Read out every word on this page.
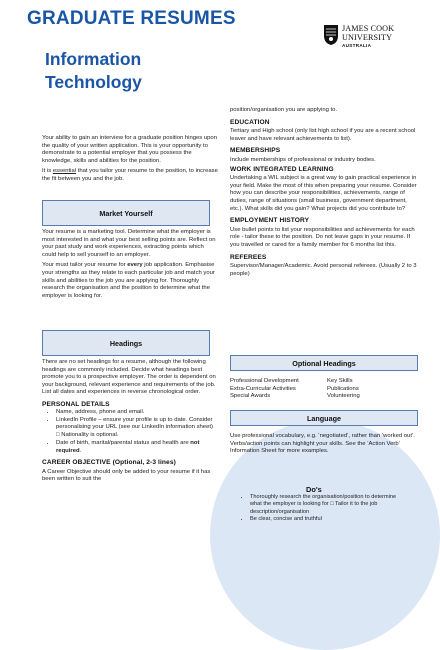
GRADUATE RESUMES
Information
Technology
JAMES COOK
UNIVERSITY
AUSTRALIA

Your ability to gain an interview for a graduate position hinges upon the quality of your written application. This is your opportunity to demonstrate to a potential employer that you possess the knowledge, skills and abilities for the position.

It is essential that you tailor your resume to the position, to increase the fit between you and the job.

Market Yourself

Your resume is a marketing tool. Determine what the employer is most interested in and what your best selling points are. Reflect on your past study and work experiences, extracting points which could help to sell yourself to an employer.

Your must tailor your resume for every job application. Emphasise your strengths as they relate to each particular job and match your skills and abilities to the job you are applying for. Thoroughly research the organisation and the position to determine what the employer is looking for.

Headings

There are no set headings for a resume, although the following headings are commonly included. Decide what headings best promote you to a prospective employer. The order is dependent on your background, relevant experience and requirements of the job. List all dates and experiences in reverse chronological order.

PERSONAL DETAILS

• Name, address, phone and email.
• LinkedIn Profile – ensure your profile is up to date. Consider personalising your URL (see our LinkedIn information sheet) □ Nationality is optional.
• Date of birth, marital/parental status and health are not required.

CAREER OBJECTIVE (Optional, 2-3 lines)

A Career Objective should only be added to your resume if it has been written to suit the

position/organisation you are applying to.

EDUCATION

Tertiary and High school (only list high school if you are a recent school leaver and have relevant achievements to list).

MEMBERSHIPS

Include memberships of professional or industry bodies.

WORK INTEGRATED LEARNING

Undertaking a WIL subject is a great way to gain practical experience in your field. Make the most of this when preparing your resume. Consider how you can describe your responsibilities, achievements, range of duties, range of situations (small business, government department, etc.). What skills did you gain? What projects did you contribute to?

EMPLOYMENT HISTORY

Use bullet points to list your responsibilities and achievements for each role - tailor these to the position. Do not leave gaps in your resume. If you travelled or cared for a family member for 6 months list this.

REFEREES

Supervisor/Manager/Academic. Avoid personal referees. (Usually 2 to 3 people)

Optional Headings
Professional Development
Extra-Curricular Activities
Special Awards
Key Skills
Publications
Volunteering
Language

Use professional vocabulary, e.g. ‘negotiated’, rather than ‘worked out’. Verbs/action points can highlight your skills. See the ‘Action Verb’ Information Sheet for more examples.

Do's
• Thoroughly research the organisation/position to determine what the employer is looking for □ Tailor it to the job description/organisation
• Be clear, concise and truthful
